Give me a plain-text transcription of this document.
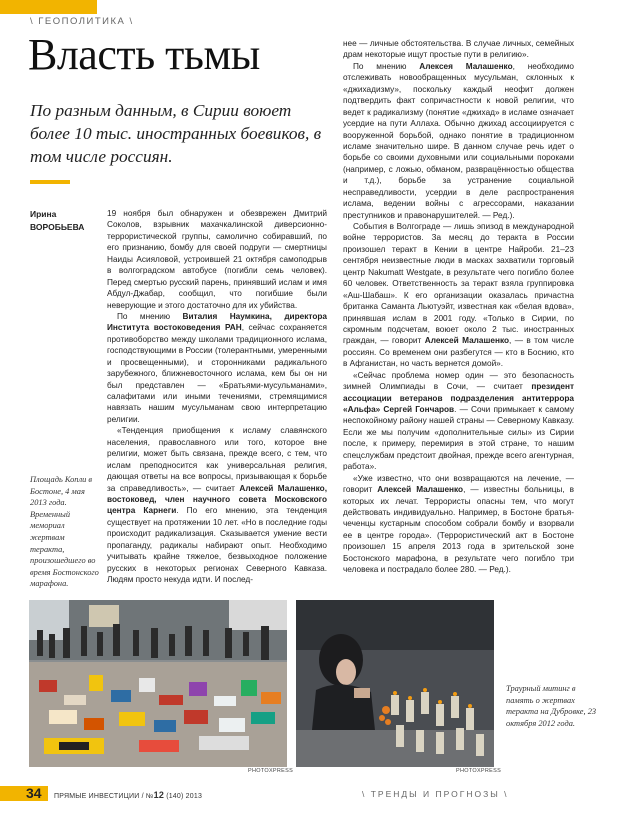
\ ГЕОПОЛИТИКА \
Власть тьмы
По разным данным, в Сирии воюет более 10 тыс. иностранных боевиков, в том числе россиян.
Ирина
ВОРОБЬЕВА
Площадь Копли в Бостоне, 4 мая 2013 года. Временный мемориал жертвам теракта, произошедшего во время Бостонского марафона.

19 ноября был обнаружен и обезврежен Дмитрий Соколов, взрывник махачкалинской диверсионно-террористической группы, самолично собиравший, по его признанию, бомбу для своей подруги — смертницы Наиды Асияловой, устроившей 21 октября самоподрыв в волгоградском автобусе (погибли семь человек). Перед смертью русский парень, принявший ислам и имя Абдул-Джабар, сообщил, что погибшие были неверующие и этого достаточно для их убийства.

По мнению Виталия Наумкина, директора Института востоковедения РАН, сейчас сохраняется противоборство между школами традиционного ислама, господствующими в России (толерантными, умеренными и просвещенными), и сторонниками радикального зарубежного, ближневосточного ислама, кем бы он ни был представлен — «Братьями-мусульманами», салафитами или иными течениями, стремящимися навязать нашим мусульманам свою интерпретацию религии.

«Тенденция приобщения к исламу славянского населения, православного или того, которое вне религии, может быть связана, прежде всего, с тем, что ислам преподносится как универсальная религия, дающая ответы на все вопросы, призывающая к борьбе за справедливость», — считает Алексей Малашенко, востоковед, член научного совета Московского центра Карнеги. По его мнению, эта тенденция существует на протяжении 10 лет. «Но в последние годы происходит радикализация. Сказывается умение вести пропаганду, радикалы набирают опыт. Необходимо учитывать крайне тяжелое, безвыходное положение русских в некоторых регионах Северного Кавказа. Людям просто некуда идти. И послед-

нее — личные обстоятельства. В случае личных, семейных драм некоторые ищут простые пути в религию».

По мнению Алексея Малашенко, необходимо отслеживать новообращенных мусульман, склонных к «джихадизму», поскольку каждый неофит должен подтвердить факт сопричастности к новой религии, что ведет к радикализму (понятие «джихад» в исламе означает усердие на пути Аллаха. Обычно джихад ассоциируется с вооруженной борьбой, однако понятие в традиционном исламе значительно шире. В данном случае речь идет о борьбе со своими духовными или социальными пороками (например, с ложью, обманом, разврацённостью общества и т.д.), борьбе за устранение социальной несправедливости, усердии в деле распространения ислама, ведении войны с агрессорами, наказании преступников и правонарушителей. — Ред.).

События в Волгограде — лишь эпизод в международной войне террористов. За месяц до теракта в России произошел теракт в Кении в центре Найроби. 21–23 сентября неизвестные люди в масках захватили торговый центр Nakumatt Westgate, в результате чего погибло более 60 человек. Ответственность за теракт взяла группировка «Аш-Шабаш». К его организации оказалась причастна британка Саманта Льютуэйт, известная как «белая вдова», принявшая ислам в 2001 году. «Только в Сирии, по скромным подсчетам, воюет около 2 тыс. иностранных граждан, — говорит Алексей Малашенко, — в том числе россиян. Со временем они разбегутся — кто в Боснию, кто в Афганистан, но часть вернется домой».

«Сейчас проблема номер один — это безопасность зимней Олимпиады в Сочи, — считает президент ассоциации ветеранов подразделения антитеррора «Альфа» Сергей Гончаров. — Сочи примыкает к самому неспокойному району нашей страны — Северному Кавказу. Если же мы получим «дополнительные силы» из Сирии после, к примеру, перемирия в этой стране, то нашим спецслужбам предстоит двойная, прежде всего агентурная, работа».

«Уже известно, что они возвращаются на лечение, — говорит Алексей Малашенко, — известны больницы, в которых их лечат. Террористы опасны тем, что могут действовать индивидуально. Например, в Бостоне братья-чеченцы кустарным способом собрали бомбу и взорвали ее в центре города». (Террористический акт в Бостоне произошел 15 апреля 2013 года в зрительской зоне Бостонского марафона, в результате чего погибло три человека и пострадало более 280. — Ред.).

PHOTOXPRESS	PHOTOXPRESS
Траурный митинг в память о жертвах теракта на Дубровке, 23 октября 2012 года.
34 ПРЯМЫЕ ИНВЕСТИЦИИ / №12 (140) 2013	\ ТРЕНДЫ И ПРОГНОЗЫ \
